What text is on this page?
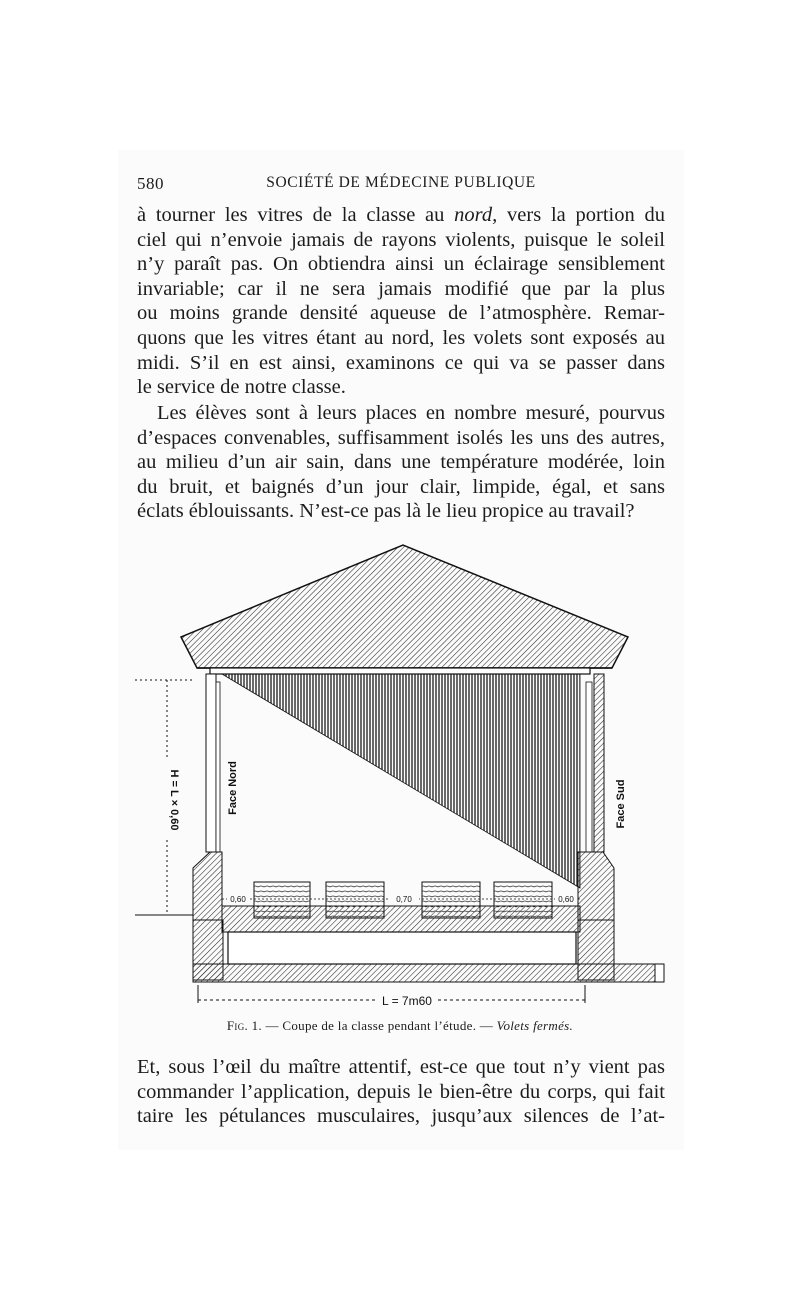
580	SOCIÉTÉ DE MÉDECINE PUBLIQUE
à tourner les vitres de la classe au nord, vers la portion du
ciel qui n’envoie jamais de rayons violents, puisque le soleil
n’y paraît pas. On obtiendra ainsi un éclairage sensiblement
invariable; car il ne sera jamais modifié que par la plus
ou moins grande densité aqueuse de l’atmosphère. Remar-
quons que les vitres étant au nord, les volets sont exposés au
midi. S’il en est ainsi, examinons ce qui va se passer dans
le service de notre classe.
Les élèves sont à leurs places en nombre mesuré, pourvus
d’espaces convenables, suffisamment isolés les uns des autres,
au milieu d’un air sain, dans une température modérée, loin
du bruit, et baignés d’un jour clair, limpide, égal, et sans
éclats éblouissants. N’est-ce pas là le lieu propice au travail?
L = 7m60
H = L × 0,60	Face Nord	Face Sud
0,60	0,70	0,60
Fig. 1. — Coupe de la classe pendant l’étude. — Volets fermés.
Et, sous l’œil du maître attentif, est-ce que tout n’y vient pas
commander l’application, depuis le bien-être du corps, qui fait
taire les pétulances musculaires, jusqu’aux silences de l’at-
